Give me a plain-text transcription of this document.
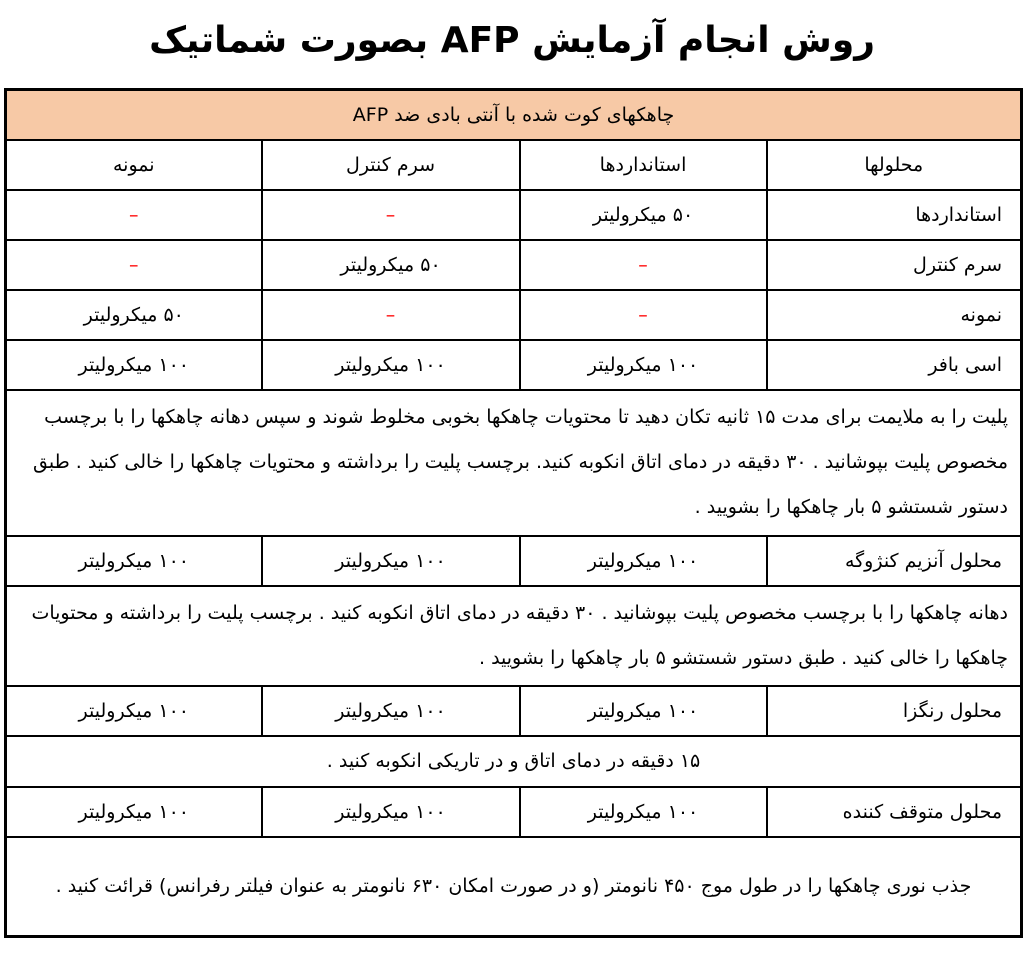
روش انجام آزمایش AFP بصورت شماتیک
چاهکهای کوت شده با آنتی بادی ضد AFP			
محلولها	استانداردها	سرم کنترل	نمونه
استانداردها	۵۰ میکرولیتر	–	–
سرم کنترل	–	۵۰ میکرولیتر	–
نمونه	–	–	۵۰ میکرولیتر
اسی بافر	۱۰۰ میکرولیتر	۱۰۰ میکرولیتر	۱۰۰ میکرولیتر
پلیت را به ملایمت برای مدت ۱۵ ثانیه تکان دهید تا محتویات چاهکها بخوبی مخلوط شوند و سپس دهانه چاهکها را با برچسب مخصوص پلیت بپوشانید . ۳۰ دقیقه در دمای اتاق انکوبه کنید. برچسب پلیت را برداشته و محتویات چاهکها را خالی کنید . طبق دستور شستشو ۵ بار چاهکها را بشویید .			
محلول آنزیم کنژوگه	۱۰۰ میکرولیتر	۱۰۰ میکرولیتر	۱۰۰ میکرولیتر
دهانه چاهکها را با برچسب مخصوص پلیت بپوشانید . ۳۰ دقیقه در دمای اتاق انکوبه کنید . برچسب پلیت را برداشته و محتویات چاهکها را خالی کنید . طبق دستور شستشو ۵ بار چاهکها را بشویید .			
محلول رنگزا	۱۰۰ میکرولیتر	۱۰۰ میکرولیتر	۱۰۰ میکرولیتر
۱۵ دقیقه در دمای اتاق و در تاریکی انکوبه کنید .			
محلول متوقف کننده	۱۰۰ میکرولیتر	۱۰۰ میکرولیتر	۱۰۰ میکرولیتر
جذب نوری چاهکها را در طول موج ۴۵۰ نانومتر (و در صورت امکان ۶۳۰ نانومتر به عنوان فیلتر رفرانس) قرائت کنید .			
